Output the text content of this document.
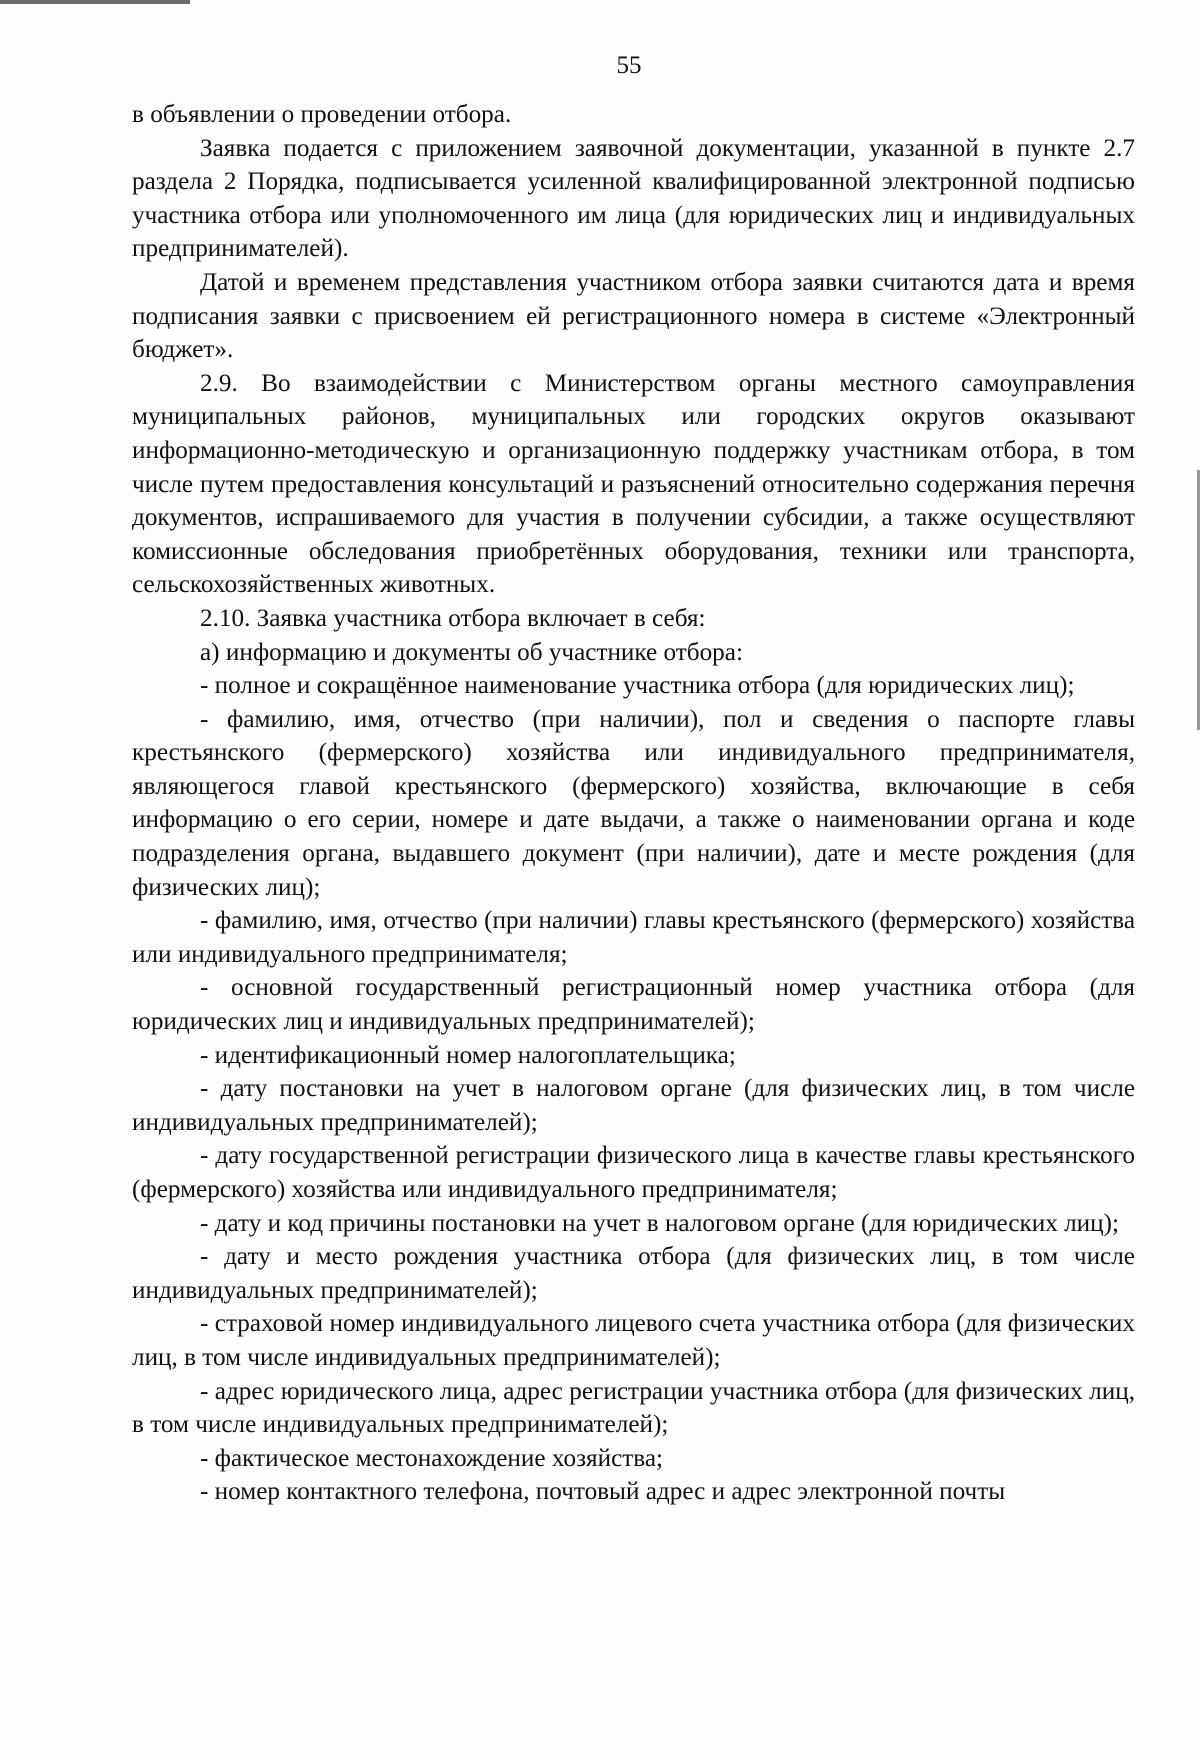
55

в объявлении о проведении отбора.

Заявка подается с приложением заявочной документации, указанной в пункте 2.7 раздела 2 Порядка, подписывается усиленной квалифицированной электронной подписью участника отбора или уполномоченного им лица (для юридических лиц и индивидуальных предпринимателей).

Датой и временем представления участником отбора заявки считаются дата и время подписания заявки с присвоением ей регистрационного номера в системе «Электронный бюджет».

2.9. Во взаимодействии с Министерством органы местного самоуправления муниципальных районов, муниципальных или городских округов оказывают информационно-методическую и организационную поддержку участникам отбора, в том числе путем предоставления консультаций и разъяснений относительно содержания перечня документов, испрашиваемого для участия в получении субсидии, а также осуществляют комиссионные обследования приобретённых оборудования, техники или транспорта, сельскохозяйственных животных.

2.10. Заявка участника отбора включает в себя:

а) информацию и документы об участнике отбора:

- полное и сокращённое наименование участника отбора (для юридических лиц);

- фамилию, имя, отчество (при наличии), пол и сведения о паспорте главы крестьянского (фермерского) хозяйства или индивидуального предпринимателя, являющегося главой крестьянского (фермерского) хозяйства, включающие в себя информацию о его серии, номере и дате выдачи, а также о наименовании органа и коде подразделения органа, выдавшего документ (при наличии), дате и месте рождения (для физических лиц);

- фамилию, имя, отчество (при наличии) главы крестьянского (фермерского) хозяйства или индивидуального предпринимателя;

- основной государственный регистрационный номер участника отбора (для юридических лиц и индивидуальных предпринимателей);

- идентификационный номер налогоплательщика;

- дату постановки на учет в налоговом органе (для физических лиц, в том числе индивидуальных предпринимателей);

- дату государственной регистрации физического лица в качестве главы крестьянского (фермерского) хозяйства или индивидуального предпринимателя;

- дату и код причины постановки на учет в налоговом органе (для юридических лиц);

- дату и место рождения участника отбора (для физических лиц, в том числе индивидуальных предпринимателей);

- страховой номер индивидуального лицевого счета участника отбора (для физических лиц, в том числе индивидуальных предпринимателей);

- адрес юридического лица, адрес регистрации участника отбора (для физических лиц, в том числе индивидуальных предпринимателей);

- фактическое местонахождение хозяйства;

- номер контактного телефона, почтовый адрес и адрес электронной почты
